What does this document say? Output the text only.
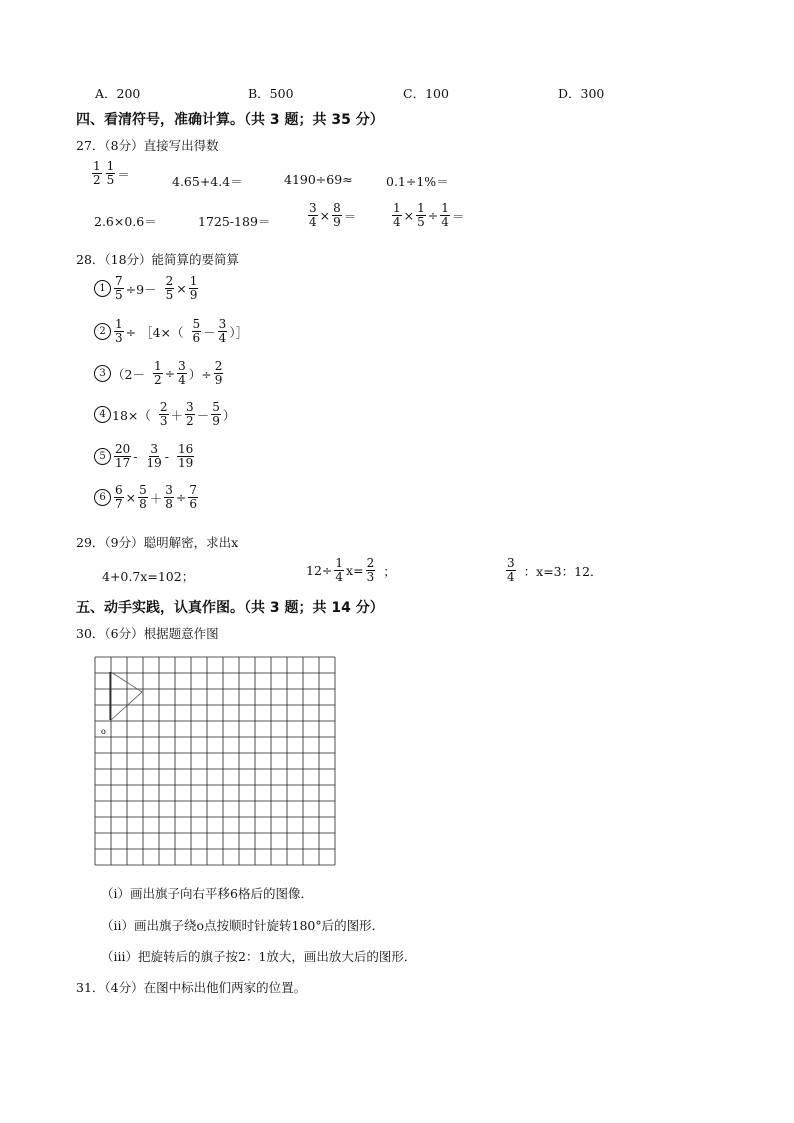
A．200	B．500	C．100	D．300
四、看清符号，准确计算。（共 3 题；共 35 分）
27．（8分）直接写出得数
$\frac{1}{2} \frac{1}{5}$ ＝	4.65+4.4＝	4190÷69≈	0.1÷1%＝
2.6×0.6＝	1725-189＝	$\frac{3}{4} \times \frac{8}{9}$ ＝	$\frac{1}{4} \times \frac{1}{5} \div \frac{1}{4}$ ＝
28．（18分）能简算的要简算
$1 \frac{7}{5} \div 9- \frac{2}{5} \times \frac{1}{9}$
$2 \frac{1}{3}$ ÷ ［4×（ $\frac{5}{6} - \frac{3}{4}$ ）］
3 （$2- \frac{1}{2} \div \frac{3}{4}$ ）÷ $\frac{2}{9}$
4 $18\times( \frac{2}{3} + \frac{3}{2} - \frac{5}{9}$ ）
$5 \frac{20}{17} - \frac{3}{19} - \frac{16}{19}$
$6 \frac{6}{7} \times \frac{5}{8} + \frac{3}{8} \div \frac{7}{6}$
29．（9分）聪明解密，求出x
4+0.7x=102；	$12\div \frac{1}{4} x= \frac{2}{3}$ ；	$\frac{3}{4}$ ：x=3：12．
五、动手实践，认真作图。（共 3 题；共 14 分）
30．（6分）根据题意作图
o
（i）画出旗子向右平移6格后的图像．
（ii）画出旗子绕o点按顺时针旋转180°后的图形．
（iii）把旋转后的旗子按2：1放大，画出放大后的图形．
31．（4分）在图中标出他们两家的位置。
